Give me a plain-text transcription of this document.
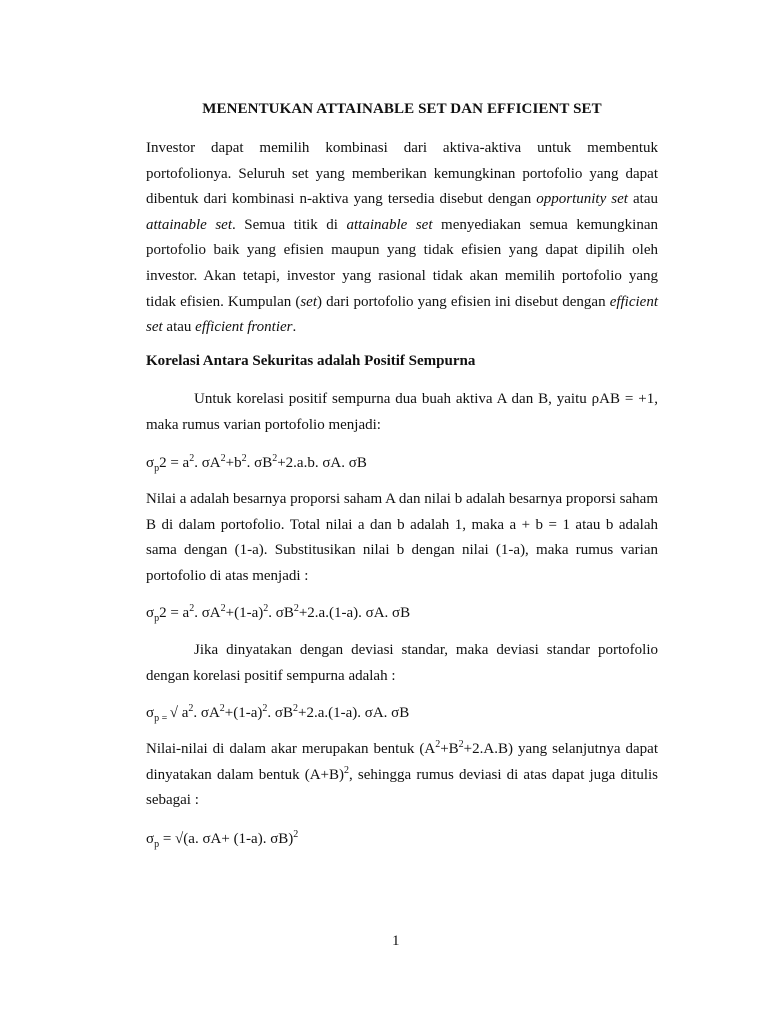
MENENTUKAN ATTAINABLE SET DAN EFFICIENT SET

Investor dapat memilih kombinasi dari aktiva-aktiva untuk membentuk portofolionya. Seluruh set yang memberikan kemungkinan portofolio yang dapat dibentuk dari kombinasi n-aktiva yang tersedia disebut dengan opportunity set atau attainable set. Semua titik di attainable set menyediakan semua kemungkinan portofolio baik yang efisien maupun yang tidak efisien yang dapat dipilih oleh investor. Akan tetapi, investor yang rasional tidak akan memilih portofolio yang tidak efisien. Kumpulan (set) dari portofolio yang efisien ini disebut dengan efficient set atau efficient frontier.

Korelasi Antara Sekuritas adalah Positif Sempurna

Untuk korelasi positif sempurna dua buah aktiva A dan B, yaitu ρAB = +1, maka rumus varian portofolio menjadi:

$\sigma_p2 = a^2$. $\sigma A^2+b^2$. $\sigma B^2+2.a.b$. σA. σB

Nilai a adalah besarnya proporsi saham A dan nilai b adalah besarnya proporsi saham B di dalam portofolio. Total nilai a dan b adalah 1, maka a + b = 1 atau b adalah sama dengan (1-a). Substitusikan nilai b dengan nilai (1-a), maka rumus varian portofolio di atas menjadi :

$\sigma_p2 = a^2$. $\sigma A^2+(1-a)^2$. $\sigma B^2+2.a.(1-a)$. σA. σB

Jika dinyatakan dengan deviasi standar, maka deviasi standar portofolio dengan korelasi positif sempurna adalah :

$\sigma_{p =}$ √ $a^2$. $\sigma A^2+(1-a)^2$. $\sigma B^2+2.a.(1-a)$. σA. σB

Nilai-nilai di dalam akar merupakan bentuk $(A^2+B^2+2.A.B)$ yang selanjutnya dapat dinyatakan dalam bentuk $(A+B)^2$, sehingga rumus deviasi di atas dapat juga ditulis sebagai :

$\sigma_p = √(a$. σA+ (1-a). σB)$^2$
1
